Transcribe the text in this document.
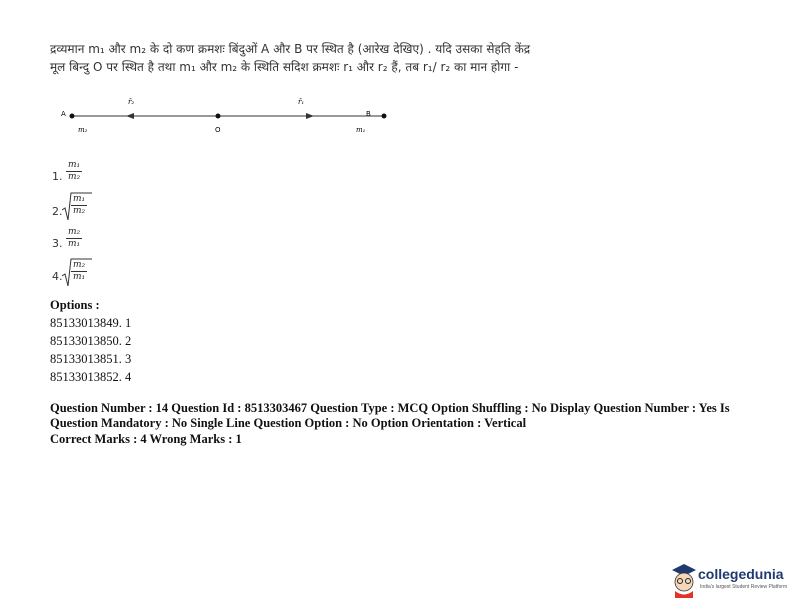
द्रव्यमान m₁ और m₂ के दो कण क्रमशः बिंदुओं A और B पर स्थित है (आरेख देखिए) . यदि उसका सेहति केंद्र
मूल बिन्दु O पर स्थित है तथा m₁ और m₂ के स्थिति सदिश क्रमशः r₁ और r₂ हैं, तब r₁/ r₂ का मान होगा -
A	B
O
r̄₂	r̄₁
m₂	m₁
1. $\frac{\text{m₁}}{\text{m₂}}$
2. $\frac{\text{m₁}}{\text{m₂}}$
3. $\frac{\text{m₂}}{\text{m₁}}$
4. $\frac{\text{m₂}}{\text{m₁}}$
Options :
85133013849. 1
85133013850. 2
85133013851. 3
85133013852. 4
Question Number : 14 Question Id : 8513303467 Question Type : MCQ Option Shuffling : No Display Question Number : Yes Is
Question Mandatory : No Single Line Question Option : No Option Orientation : Vertical
Correct Marks : 4 Wrong Marks : 1
collegedunia
India's largest Student Review Platform
